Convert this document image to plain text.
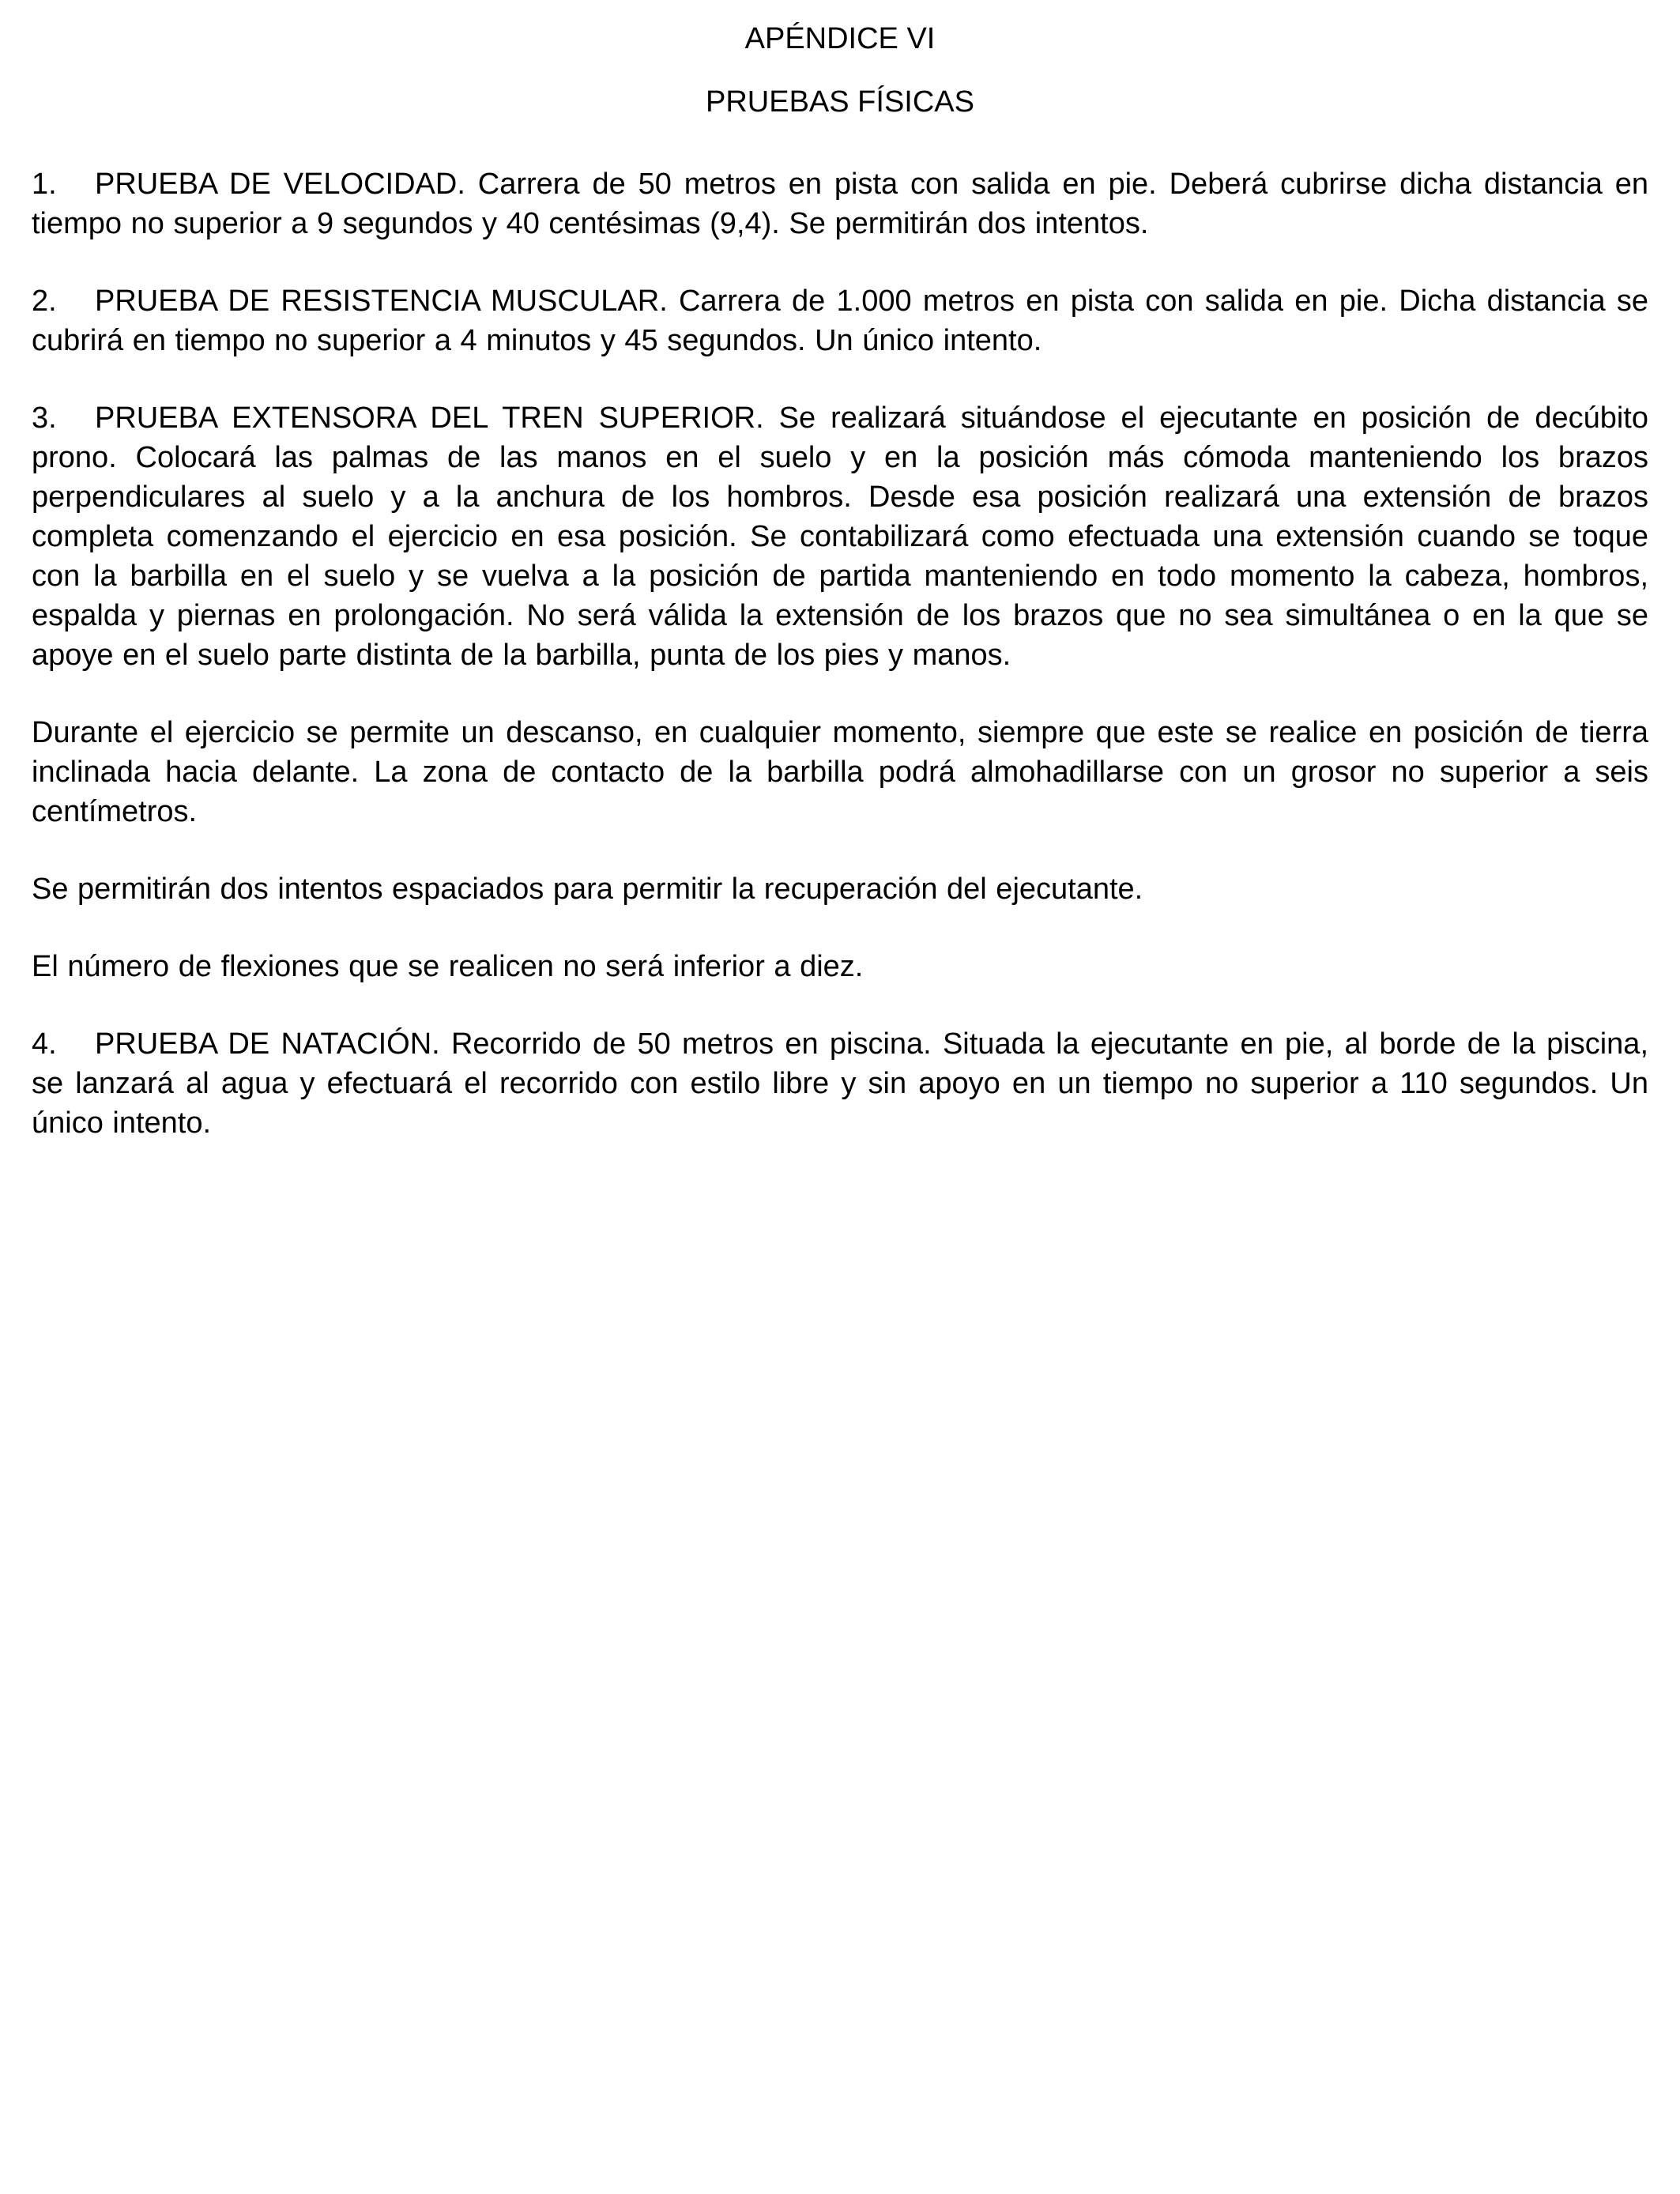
APÉNDICE VI
PRUEBAS FÍSICAS

1. PRUEBA DE VELOCIDAD. Carrera de 50 metros en pista con salida en pie. Deberá cubrirse dicha distancia en tiempo no superior a 9 segundos y 40 centésimas (9,4). Se permitirán dos intentos.

2. PRUEBA DE RESISTENCIA MUSCULAR. Carrera de 1.000 metros en pista con salida en pie. Dicha distancia se cubrirá en tiempo no superior a 4 minutos y 45 segundos. Un único intento.

3. PRUEBA EXTENSORA DEL TREN SUPERIOR. Se realizará situándose el ejecutante en posición de decúbito prono. Colocará las palmas de las manos en el suelo y en la posición más cómoda manteniendo los brazos perpendiculares al suelo y a la anchura de los hombros. Desde esa posición realizará una extensión de brazos completa comenzando el ejercicio en esa posición. Se contabilizará como efectuada una extensión cuando se toque con la barbilla en el suelo y se vuelva a la posición de partida manteniendo en todo momento la cabeza, hombros, espalda y piernas en prolongación. No será válida la extensión de los brazos que no sea simultánea o en la que se apoye en el suelo parte distinta de la barbilla, punta de los pies y manos.

Durante el ejercicio se permite un descanso, en cualquier momento, siempre que este se realice en posición de tierra inclinada hacia delante. La zona de contacto de la barbilla podrá almohadillarse con un grosor no superior a seis centímetros.

Se permitirán dos intentos espaciados para permitir la recuperación del ejecutante.

El número de flexiones que se realicen no será inferior a diez.

4. PRUEBA DE NATACIÓN. Recorrido de 50 metros en piscina. Situada la ejecutante en pie, al borde de la piscina, se lanzará al agua y efectuará el recorrido con estilo libre y sin apoyo en un tiempo no superior a 110 segundos. Un único intento.
